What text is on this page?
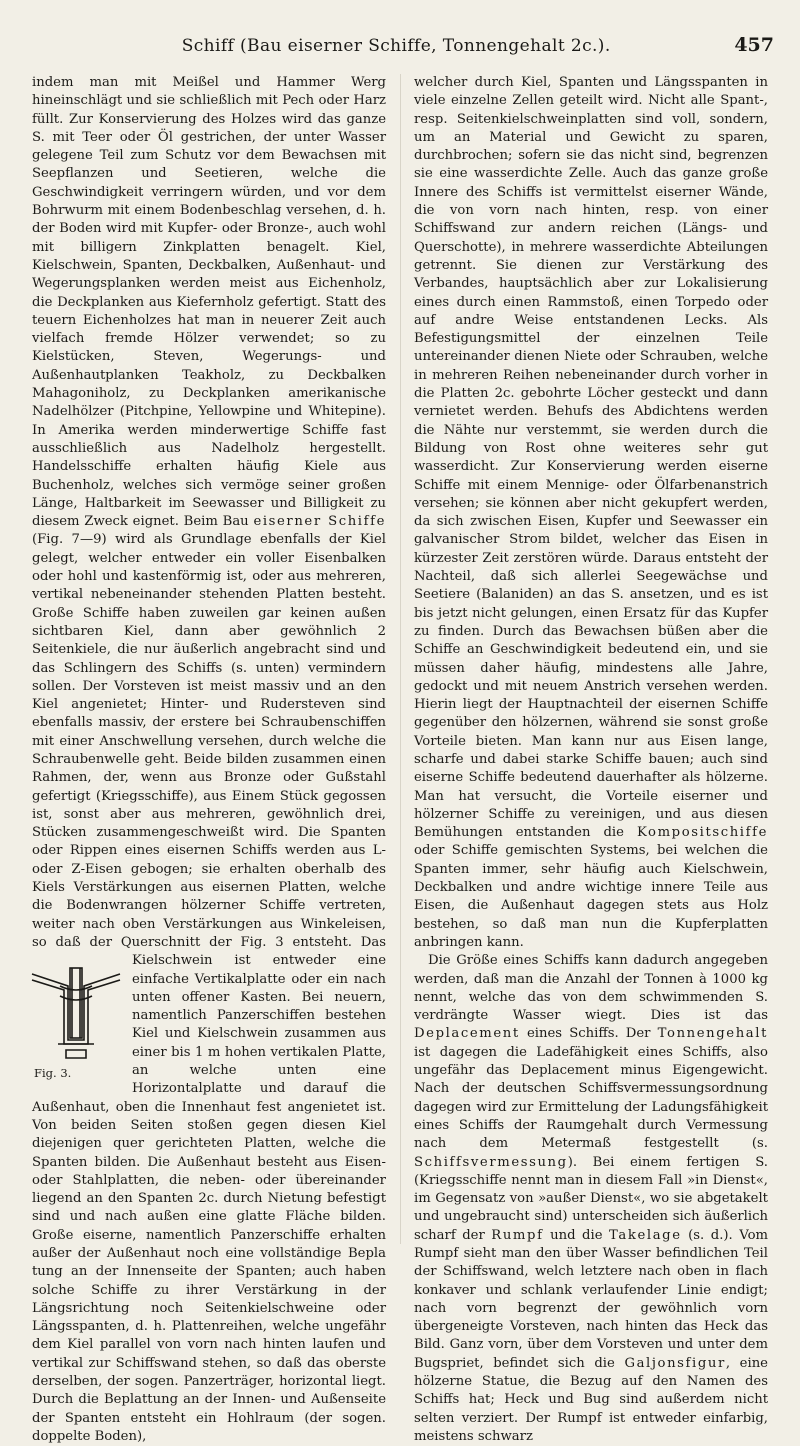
Schiff (Bau eiserner Schiffe, Tonnengehalt 2c.).	457

indem man mit Meißel und Hammer Werg hineinschlägt und sie schließlich mit Pech oder Harz füllt. Zur Konservierung des Holzes wird das ganze S. mit Teer oder Öl gestrichen, der unter Wasser gelegene Teil zum Schutz vor dem Bewachsen mit Seepflanzen und Seetieren, welche die Geschwindigkeit verringern würden, und vor dem Bohrwurm mit einem Bodenbeschlag versehen, d. h. der Boden wird mit Kupfer- oder Bronze-, auch wohl mit billigern Zinkplatten benagelt. Kiel, Kielschwein, Spanten, Deckbalken, Außenhaut- und Wegerungsplanken werden meist aus Eichenholz, die Deckplanken aus Kiefernholz gefertigt. Statt des teuern Eichenholzes hat man in neuerer Zeit auch vielfach fremde Hölzer verwendet; so zu Kielstücken, Steven, Wegerungs- und Außenhautplanken Teakholz, zu Deckbalken Mahagoniholz, zu Deckplanken amerikanische Nadelhölzer (Pitchpine, Yellowpine und Whitepine). In Amerika werden minderwertige Schiffe fast ausschließlich aus Nadelholz hergestellt. Handelsschiffe erhalten häufig Kiele aus Buchenholz, welches sich vermöge seiner großen Länge, Haltbarkeit im Seewasser und Billigkeit zu diesem Zweck eignet. Beim Bau eiserner Schiffe (Fig. 7—9) wird als Grundlage ebenfalls der Kiel gelegt, welcher entweder ein voller Eisenbalken oder hohl und kastenförmig ist, oder aus mehreren, vertikal nebeneinander stehenden Platten besteht. Große Schiffe haben zuweilen gar keinen außen sichtbaren Kiel, dann aber gewöhnlich 2 Seitenkiele, die nur äußerlich angebracht sind und das Schlingern des Schiffs (s. unten) vermindern sollen. Der Vorsteven ist meist massiv und an den Kiel angenietet; Hinter- und Rudersteven sind ebenfalls massiv, der erstere bei Schraubenschiffen mit einer Anschwellung versehen, durch welche die Schraubenwelle geht. Beide bilden zusammen einen Rahmen, der, wenn aus Bronze oder Gußstahl gefertigt (Kriegsschiffe), aus Einem Stück gegossen ist, sonst aber aus mehreren, gewöhnlich drei, Stücken zusammengeschweißt wird. Die Spanten oder Rippen eines eisernen Schiffs werden aus L- oder Z-Eisen gebogen; sie erhalten oberhalb des Kiels Verstärkungen aus eisernen Platten, welche die Bodenwrangen hölzerner Schiffe vertreten, weiter nach oben Verstärkungen aus Winkeleisen, so daß der Querschnitt der Fig. 3 entsteht.
Fig. 3.
Das Kielschwein ist entweder eine einfache Vertikalplatte oder ein nach unten offener Kasten. Bei neuern, namentlich Panzerschiffen bestehen Kiel und Kielschwein zusammen aus einer bis 1 m hohen vertikalen Platte, an welche unten eine Horizontalplatte und darauf die Außenhaut, oben die Innenhaut fest angenietet ist. Von beiden Seiten stoßen gegen diesen Kiel diejenigen quer gerichteten Platten, welche die Spanten bilden. Die Außenhaut besteht aus Eisen- oder Stahlplatten, die neben- oder übereinander liegend an den Spanten 2c. durch Nietung befestigt sind und nach außen eine glatte Fläche bilden. Große eiserne, namentlich Panzerschiffe erhalten außer der Außenhaut noch eine vollständige Bepla tung an der Innenseite der Spanten; auch haben solche Schiffe zu ihrer Verstärkung in der Längsrichtung noch Seitenkielschweine oder Längsspanten, d. h. Plattenreihen, welche ungefähr dem Kiel parallel von vorn nach hinten laufen und vertikal zur Schiffswand stehen, so daß das oberste derselben, der sogen. Panzerträger, horizontal liegt. Durch die Beplattung an der Innen- und Außenseite der Spanten entsteht ein Hohlraum (der sogen. doppelte Boden),

welcher durch Kiel, Spanten und Längsspanten in viele einzelne Zellen geteilt wird. Nicht alle Spant-, resp. Seitenkielschweinplatten sind voll, sondern, um an Material und Gewicht zu sparen, durchbrochen; sofern sie das nicht sind, begrenzen sie eine wasserdichte Zelle. Auch das ganze große Innere des Schiffs ist vermittelst eiserner Wände, die von vorn nach hinten, resp. von einer Schiffswand zur andern reichen (Längs- und Querschotte), in mehrere wasserdichte Abteilungen getrennt. Sie dienen zur Verstärkung des Verbandes, hauptsächlich aber zur Lokalisierung eines durch einen Rammstoß, einen Torpedo oder auf andre Weise entstandenen Lecks. Als Befestigungsmittel der einzelnen Teile untereinander dienen Niete oder Schrauben, welche in mehreren Reihen nebeneinander durch vorher in die Platten 2c. gebohrte Löcher gesteckt und dann vernietet werden. Behufs des Abdichtens werden die Nähte nur verstemmt, sie werden durch die Bildung von Rost ohne weiteres sehr gut wasserdicht. Zur Konservierung werden eiserne Schiffe mit einem Mennige- oder Ölfarbenanstrich versehen; sie können aber nicht gekupfert werden, da sich zwischen Eisen, Kupfer und Seewasser ein galvanischer Strom bildet, welcher das Eisen in kürzester Zeit zerstören würde. Daraus entsteht der Nachteil, daß sich allerlei Seegewächse und Seetiere (Balaniden) an das S. ansetzen, und es ist bis jetzt nicht gelungen, einen Ersatz für das Kupfer zu finden. Durch das Bewachsen büßen aber die Schiffe an Geschwindigkeit bedeutend ein, und sie müssen daher häufig, mindestens alle Jahre, gedockt und mit neuem Anstrich versehen werden. Hierin liegt der Hauptnachteil der eisernen Schiffe gegenüber den hölzernen, während sie sonst große Vorteile bieten. Man kann nur aus Eisen lange, scharfe und dabei starke Schiffe bauen; auch sind eiserne Schiffe bedeutend dauerhafter als hölzerne. Man hat versucht, die Vorteile eiserner und hölzerner Schiffe zu vereinigen, und aus diesen Bemühungen entstanden die Kompositschiffe oder Schiffe gemischten Systems, bei welchen die Spanten immer, sehr häufig auch Kielschwein, Deckbalken und andre wichtige innere Teile aus Eisen, die Außenhaut dagegen stets aus Holz bestehen, so daß man nun die Kupferplatten anbringen kann.

Die Größe eines Schiffs kann dadurch angegeben werden, daß man die Anzahl der Tonnen à 1000 kg nennt, welche das von dem schwimmenden S. verdrängte Wasser wiegt. Dies ist das Deplacement eines Schiffs. Der Tonnengehalt ist dagegen die Ladefähigkeit eines Schiffs, also ungefähr das Deplacement minus Eigengewicht. Nach der deutschen Schiffsvermessungsordnung dagegen wird zur Ermittelung der Ladungsfähigkeit eines Schiffs der Raumgehalt durch Vermessung nach dem Metermaß festgestellt (s. Schiffsvermessung). Bei einem fertigen S. (Kriegsschiffe nennt man in diesem Fall »in Dienst«, im Gegensatz von »außer Dienst«, wo sie abgetakelt und ungebraucht sind) unterscheiden sich äußerlich scharf der Rumpf und die Takelage (s. d.). Vom Rumpf sieht man den über Wasser befindlichen Teil der Schiffswand, welch letztere nach oben in flach konkaver und schlank verlaufender Linie endigt; nach vorn begrenzt der gewöhnlich vorn übergeneigte Vorsteven, nach hinten das Heck das Bild. Ganz vorn, über dem Vorsteven und unter dem Bugspriet, befindet sich die Galjonsfigur, eine hölzerne Statue, die Bezug auf den Namen des Schiffs hat; Heck und Bug sind außerdem nicht selten verziert. Der Rumpf ist entweder einfarbig, meistens schwarz
